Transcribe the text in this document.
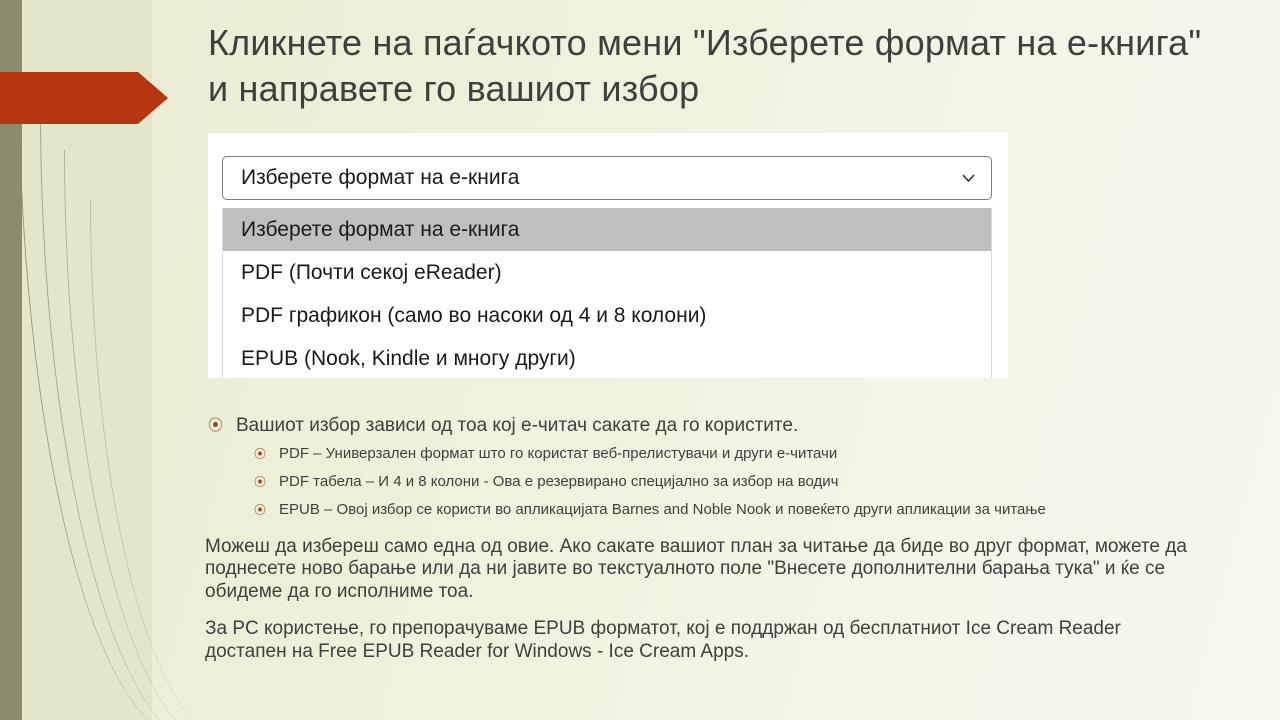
Кликнете на паѓачкото мени "Изберете формат на е-книга" и направете го вашиот избор
Изберете формат на е-книга
Изберете формат на е-книга
PDF (Почти секој eReader)
PDF графикон (само во насоки од 4 и 8 колони)
EPUB (Nook, Kindle и многу други)
⦿ Вашиот избор зависи од тоа кој е-читач сакате да го користите.
⦿ PDF – Универзален формат што го користат веб-прелистувачи и други е-читачи
⦿ PDF табела – И 4 и 8 колони - Ова е резервирано специјално за избор на водич
⦿ EPUB – Овој избор се користи во апликацијата Barnes and Noble Nook и повеќето други апликации за читање
Можеш да избереш само една од овие. Ако сакате вашиот план за читање да биде во друг формат, можете да поднесете ново барање или да ни јавите во текстуалното поле "Внесете дополнителни барања тука" и ќе се обидеме да го исполниме тоа.
За PC користење, го препорачуваме EPUB форматот, кој е поддржан од бесплатниот Ice Cream Reader достапен на Free EPUB Reader for Windows - Ice Cream Apps.
